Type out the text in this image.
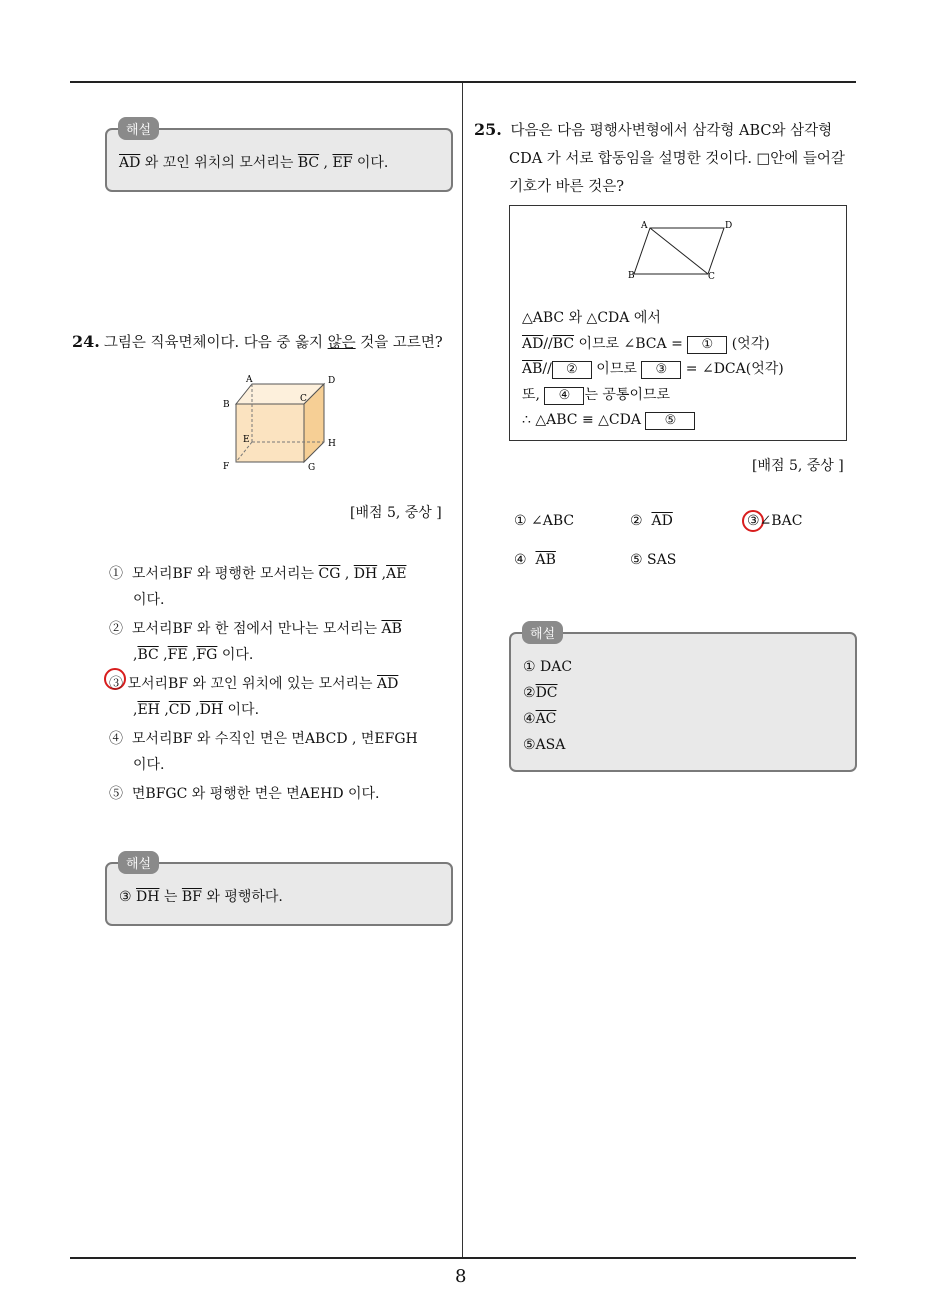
8
$\overline{AD}$ 와 꼬인 위치의 모서리는 $\overline{BC}$ , $\overline{EF}$ 이다.
해설
24. 그림은 직육면체이다. 다음 중 옳지 않은 것을 고르면?
A	D
B
C
E	H
F	G
[배점 5, 중상 ]
① 모서리BF 와 평행한 모서리는 $\overline{CG}$ , $\overline{DH}$ $,\overline{AE}$
이다.
② 모서리BF 와 한 점에서 만나는 모서리는 $\overline{AB}$
$,\overline{BC}$ $,\overline{FE}$ $,\overline{FG}$ 이다.
③ 모서리BF 와 꼬인 위치에 있는 모서리는 $\overline{AD}$
$,\overline{EH}$ $,\overline{CD}$ $,\overline{DH}$ 이다.
④ 모서리BF 와 수직인 면은 면ABCD , 면EFGH
이다.
⑤ 면BFGC 와 평행한 면은 면AEHD 이다.
③ $\overline{DH}$ 는 $\overline{BF}$ 와 평행하다.
해설
25. 다음은 다음 평행사변형에서 삼각형 ABC와 삼각형
CDA 가 서로 합동임을 설명한 것이다. □안에 들어갈
기호가 바른 것은?
A	D
B	C
△ABC 와 △CDA 에서
$\overline{AD}//\overline{BC}$ 이므로 ∠BCA = ① (엇각)
$\overline{AB}//$ ② 이므로 ③ = ∠DCA(엇각)
또, ④ 는 공통이므로
∴ △ABC ≡ △CDA ⑤
[배점 5, 중상 ]
① ∠ABC	② $\overline{AD}$	③∠BAC
④ $\overline{AB}$	⑤ SAS
① DAC
$②\overline{DC}$
$④\overline{AC}$
⑤ASA
해설
